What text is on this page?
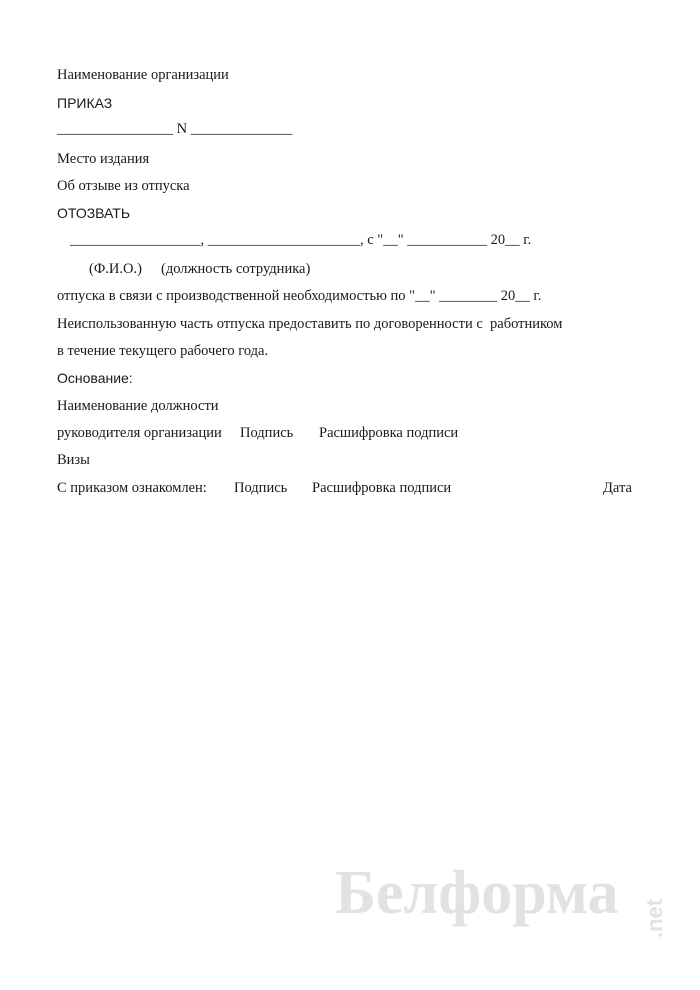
Наименование организации
ПРИКАЗ
________________ N ______________
Место издания
Об отзыве из отпуска
ОТОЗВАТЬ
__________________, _____________________, с "__" ___________ 20__ г.
(Ф.И.О.) (должность сотрудника)
отпуска в связи с производственной необходимостью по "__" ________ 20__ г.
Неиспользованную часть отпуска предоставить по договоренности с  работником
в течение текущего рабочего года.
Основание:
Наименование должности
руководителя организации Подпись Расшифровка подписи
Визы
С приказом ознакомлен: Подпись Расшифровка подписи	Дата
Белформа .net
